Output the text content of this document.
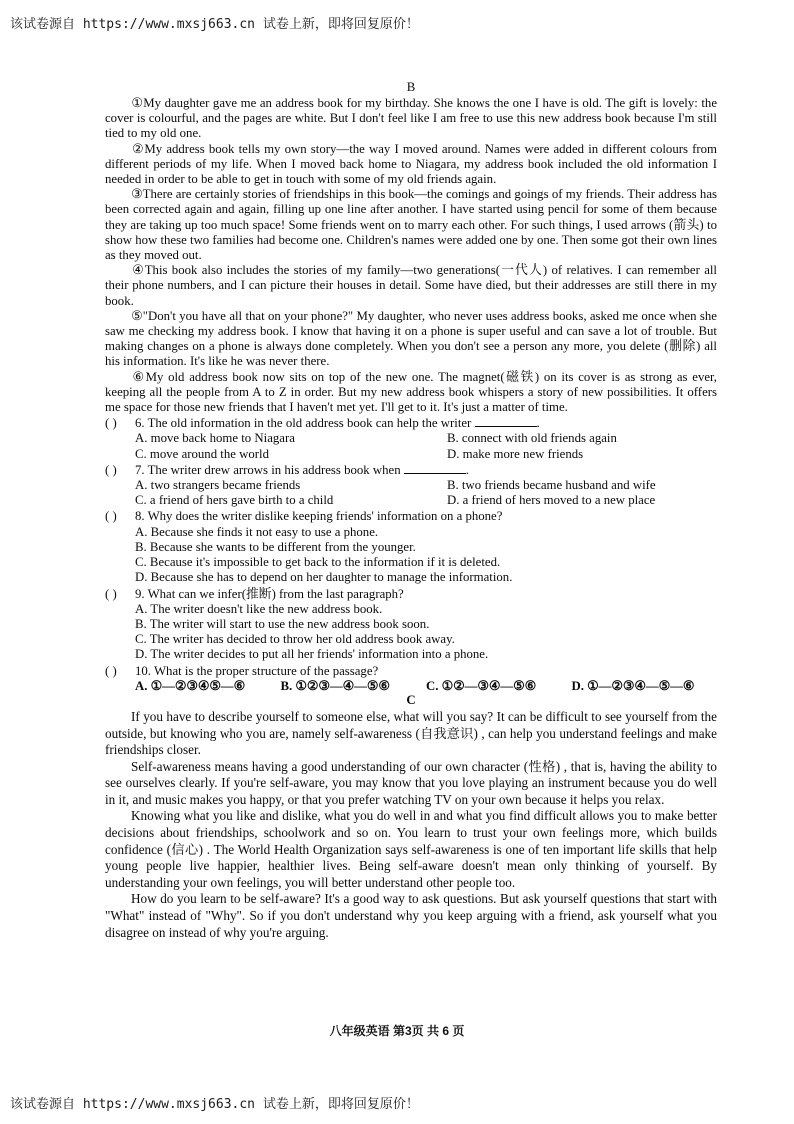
该试卷源自 https://www.mxsj663.cn 试卷上新，即将回复原价！
B

①My daughter gave me an address book for my birthday. She knows the one I have is old. The gift is lovely: the cover is colourful, and the pages are white. But I don't feel like I am free to use this new address book because I'm still tied to my old one.

②My address book tells my own story—the way I moved around. Names were added in different colours from different periods of my life. When I moved back home to Niagara, my address book included the old information I needed in order to be able to get in touch with some of my old friends again.

③There are certainly stories of friendships in this book—the comings and goings of my friends. Their address has been corrected again and again, filling up one line after another. I have started using pencil for some of them because they are taking up too much space! Some friends went on to marry each other. For such things, I used arrows (箭头) to show how these two families had become one. Children's names were added one by one. Then some got their own lines as they moved out.

④This book also includes the stories of my family—two generations(一代人) of relatives. I can remember all their phone numbers, and I can picture their houses in detail. Some have died, but their addresses are still there in my book.

⑤"Don't you have all that on your phone?" My daughter, who never uses address books, asked me once when she saw me checking my address book. I know that having it on a phone is super useful and can save a lot of trouble. But making changes on a phone is always done completely. When you don't see a person any more, you delete (删除) all his information. It's like he was never there.

⑥My old address book now sits on top of the new one. The magnet(磁铁) on its cover is as strong as ever, keeping all the people from A to Z in order. But my new address book whispers a story of new possibilities. It offers me space for those new friends that I haven't met yet. I'll get to it. It's just a matter of time.

( )	6. The old information in the old address book can help the writer	.
A. move back home to Niagara	B. connect with old friends again
C. move around the world	D. make more new friends
( )	7. The writer drew arrows in his address book when	.
A. two strangers became friends	B. two friends became husband and wife
C. a friend of hers gave birth to a child	D. a friend of hers moved to a new place
( )	8. Why does the writer dislike keeping friends' information on a phone?
A. Because she finds it not easy to use a phone.
B. Because she wants to be different from the younger.
C. Because it's impossible to get back to the information if it is deleted.
D. Because she has to depend on her daughter to manage the information.
( )	9. What can we infer(推断) from the last paragraph?
A. The writer doesn't like the new address book.
B. The writer will start to use the new address book soon.
C. The writer has decided to throw her old address book away.
D. The writer decides to put all her friends' information into a phone.
( )	10. What is the proper structure of the passage?
A. ①—②③④⑤—⑥	B. ①②③—④—⑤⑥	C. ①②—③④—⑤⑥	D. ①—②③④—⑤—⑥
C

If you have to describe yourself to someone else, what will you say? It can be difficult to see yourself from the outside, but knowing who you are, namely self-awareness (自我意识) , can help you understand feelings and make friendships closer.

Self-awareness means having a good understanding of our own character (性格) , that is, having the ability to see ourselves clearly. If you're self-aware, you may know that you love playing an instrument because you do well in it, and music makes you happy, or that you prefer watching TV on your own because it helps you relax.

Knowing what you like and dislike, what you do well in and what you find difficult allows you to make better decisions about friendships, schoolwork and so on. You learn to trust your own feelings more, which builds confidence (信心) . The World Health Organization says self-awareness is one of ten important life skills that help young people live happier, healthier lives. Being self-aware doesn't mean only thinking of yourself. By understanding your own feelings, you will better understand other people too.

How do you learn to be self-aware? It's a good way to ask questions. But ask yourself questions that start with "What" instead of "Why". So if you don't understand why you keep arguing with a friend, ask yourself what you disagree on instead of why you're arguing.

八年级英语 第3页 共 6 页
该试卷源自 https://www.mxsj663.cn 试卷上新，即将回复原价！
